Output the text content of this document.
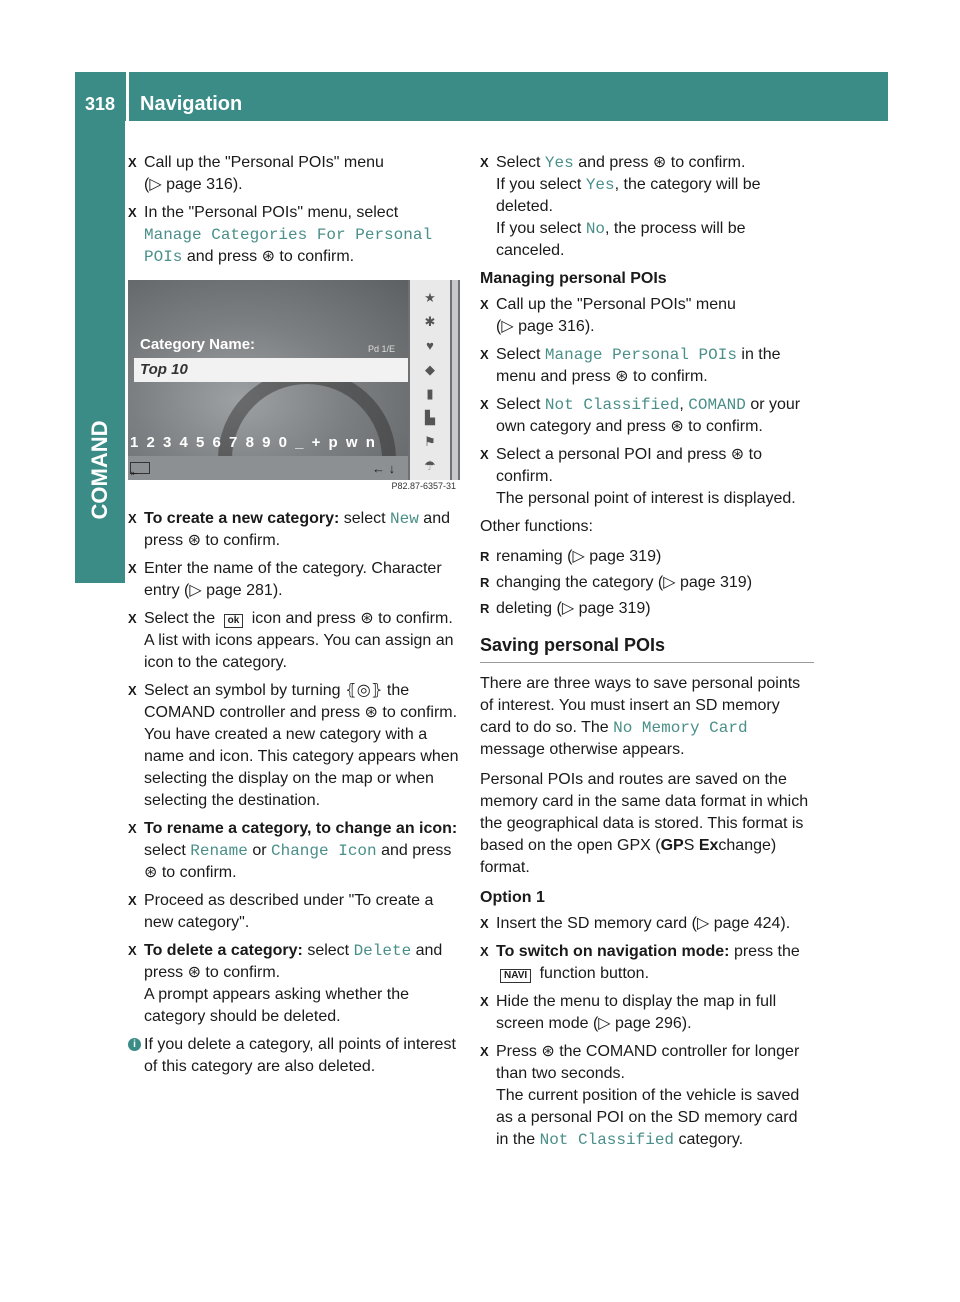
318	Navigation
COMAND
X Call up the "Personal POIs" menu
(▷ page 316).
X In the "Personal POIs" menu, select Manage Categories For Personal POIs and press ⊛ to confirm.
Category Name:	Pd 1/E
Top 10
1 2 3 4 5 6 7 8 9 0 _ + p w n
⇤	← ↓
★
✱
♥
◆
▮
▙
⚑
☂
P82.87-6357-31
X To create a new category: select New and press ⊛ to confirm.
X Enter the name of the category. Character entry (▷ page 281).
X Select the ok icon and press ⊛ to confirm.
A list with icons appears. You can assign an icon to the category.
X Select an symbol by turning ⦃◎⦄ the COMAND controller and press ⊛ to confirm.
You have created a new category with a name and icon. This category appears when selecting the display on the map or when selecting the destination.
X To rename a category, to change an icon: select Rename or Change Icon and press ⊛ to confirm.
X Proceed as described under "To create a new category".
X To delete a category: select Delete and press ⊛ to confirm.
A prompt appears asking whether the category should be deleted.
i If you delete a category, all points of interest of this category are also deleted.
X Select Yes and press ⊛ to confirm.
If you select Yes, the category will be deleted.
If you select No, the process will be canceled.
Managing personal POIs
X Call up the "Personal POIs" menu
(▷ page 316).
X Select Manage Personal POIs in the menu and press ⊛ to confirm.
X Select Not Classified, COMAND or your own category and press ⊛ to confirm.
X Select a personal POI and press ⊛ to confirm.
The personal point of interest is displayed.
Other functions:
R renaming (▷ page 319)
R changing the category (▷ page 319)
R deleting (▷ page 319)
Saving personal POIs
There are three ways to save personal points of interest. You must insert an SD memory card to do so. The No Memory Card message otherwise appears.
Personal POIs and routes are saved on the memory card in the same data format in which the geographical data is stored. This format is based on the open GPX (GPS Exchange) format.
Option 1
X Insert the SD memory card (▷ page 424).
X To switch on navigation mode: press the NAVI function button.
X Hide the menu to display the map in full screen mode (▷ page 296).
X Press ⊛ the COMAND controller for longer than two seconds.
The current position of the vehicle is saved as a personal POI on the SD memory card in the Not Classified category.
